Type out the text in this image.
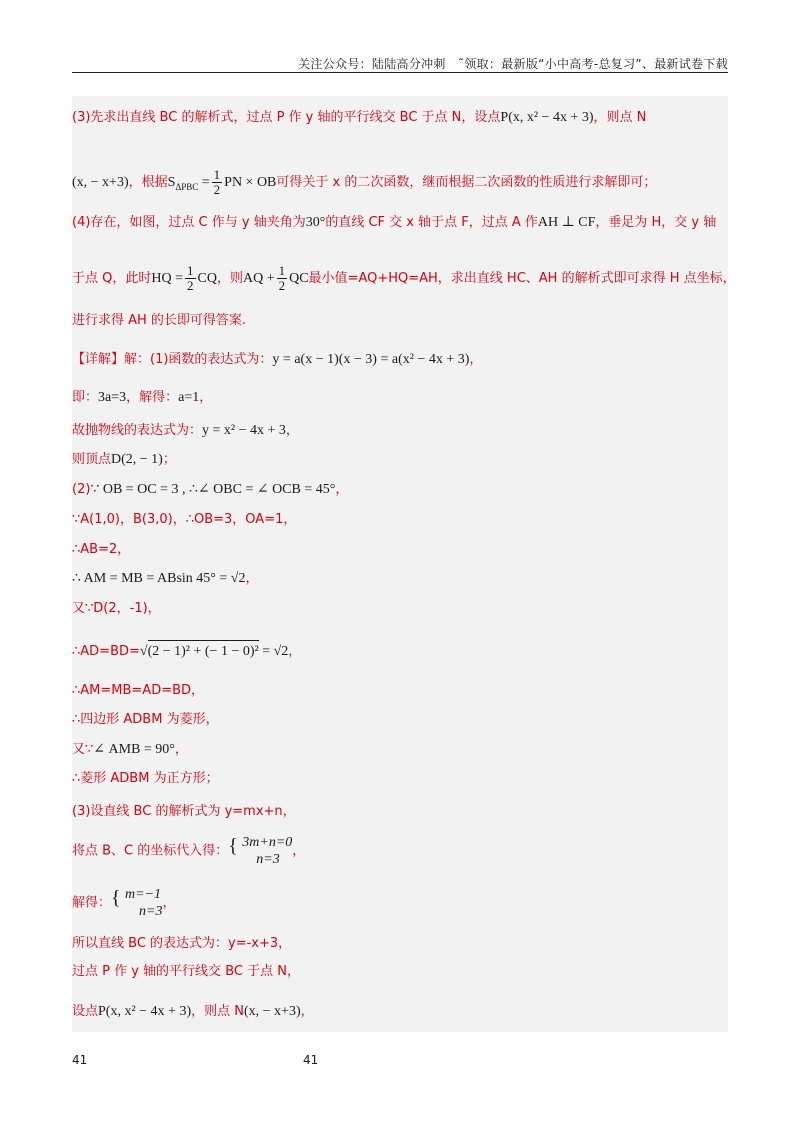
关注公众号：陆陆高分冲刺　˜领取：最新版“小中高考-总复习”、最新试卷下载
(3)先求出直线 BC 的解析式，过点 P 作 y 轴的平行线交 BC 于点 N，设点P(x, x² − 4x + 3)，则点 N
(x, − x+3)，根据$S_{\Delta PBC} = \frac{1}{2}$ PN × OB可得关于 x 的二次函数，继而根据二次函数的性质进行求解即可；
(4)存在，如图，过点 C 作与 y 轴夹角为30°的直线 CF 交 x 轴于点 F，过点 A 作AH ⊥ CF，垂足为 H，交 y 轴
于点 Q，此时HQ = $\frac{1}{2}$ CQ，则AQ + $\frac{1}{2}$ QC最小值=AQ+HQ=AH，求出直线 HC、AH 的解析式即可求得 H 点坐标，
进行求得 AH 的长即可得答案.
【详解】解：(1)函数的表达式为：y = a(x − 1)(x − 3) = a(x² − 4x + 3)，
即：3a=3，解得：a=1，
故抛物线的表达式为：y = x² − 4x + 3，
则顶点D(2, − 1)；
(2)∵ OB = OC = 3 , ∴∠ OBC = ∠ OCB = 45°，
∵A(1,0)，B(3,0)，∴OB=3，OA=1，
∴AB=2，
∴ AM = MB = ABsin 45° = √2，
又∵D(2，-1)，
∴AD=BD=√(2 − 1)² + (− 1 − 0)² = √2，
∴AM=MB=AD=BD，
∴四边形 ADBM 为菱形，
又∵∠ AMB = 90°，
∴菱形 ADBM 为正方形；
(3)设直线 BC 的解析式为 y=mx+n，
将点 B、C 的坐标代入得： { 3m+n=0
n=3
，
解得： { m=−1
n=3
，
所以直线 BC 的表达式为：y=-x+3，
过点 P 作 y 轴的平行线交 BC 于点 N，
设点P(x, x² − 4x + 3)，则点 N(x, − x+3)，
41	41
